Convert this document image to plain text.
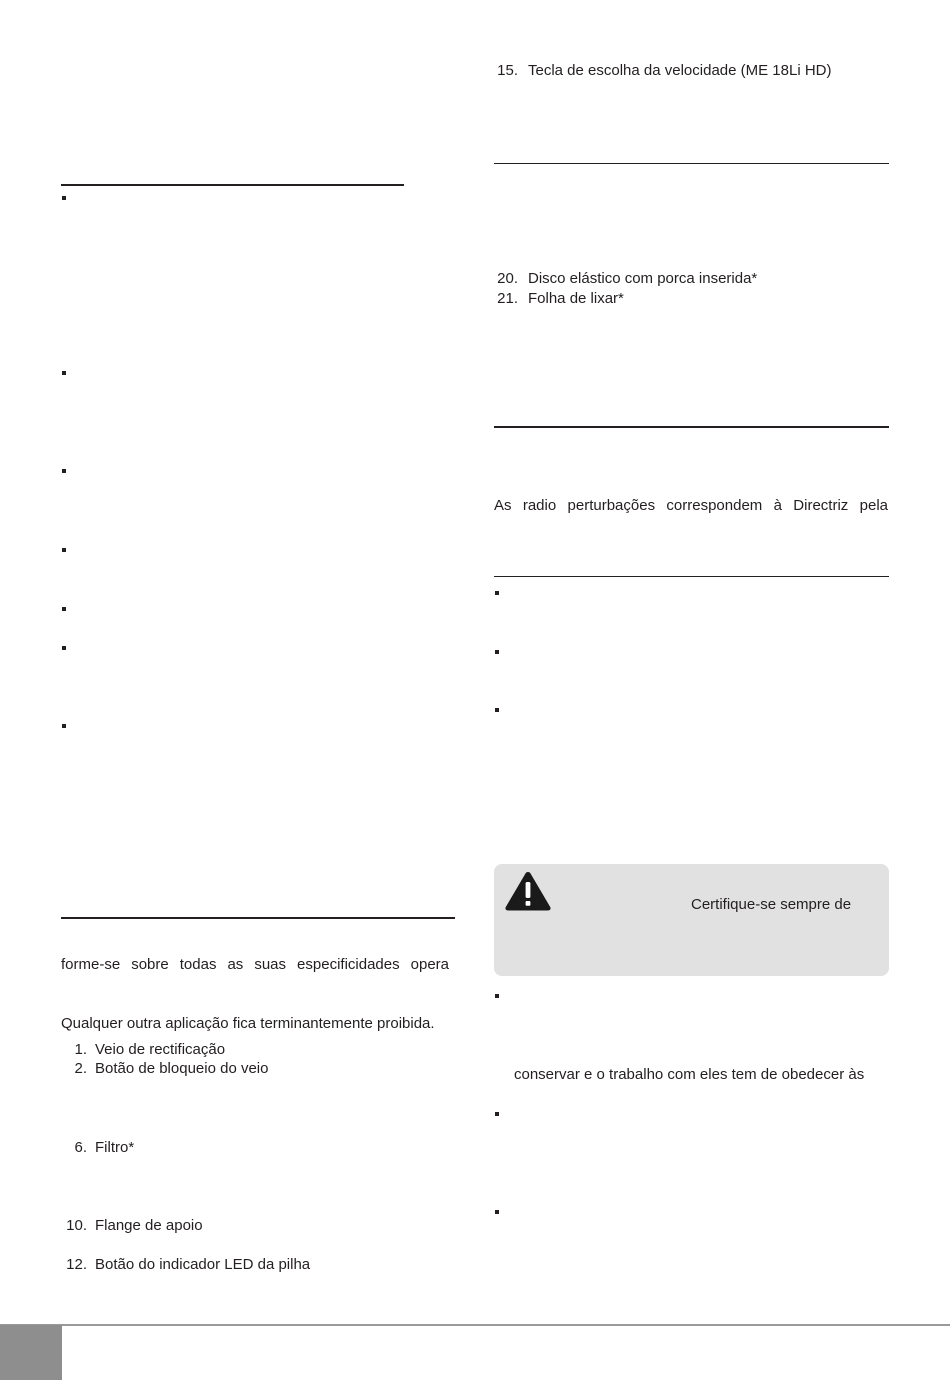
forme-se sobre todas as suas especificidades opera
Qualquer outra aplicação fica terminantemente proibida.
1. Veio de rectificação
2. Botão de bloqueio do veio
6. Filtro*
10. Flange de apoio
12. Botão do indicador LED da pilha
15. Tecla de escolha da velocidade (ME 18Li HD)
20. Disco elástico com porca inserida*
21. Folha de lixar*
As radio perturbações correspondem à Directriz pela
Certifique-se sempre de
conservar e o trabalho com eles tem de obedecer às
